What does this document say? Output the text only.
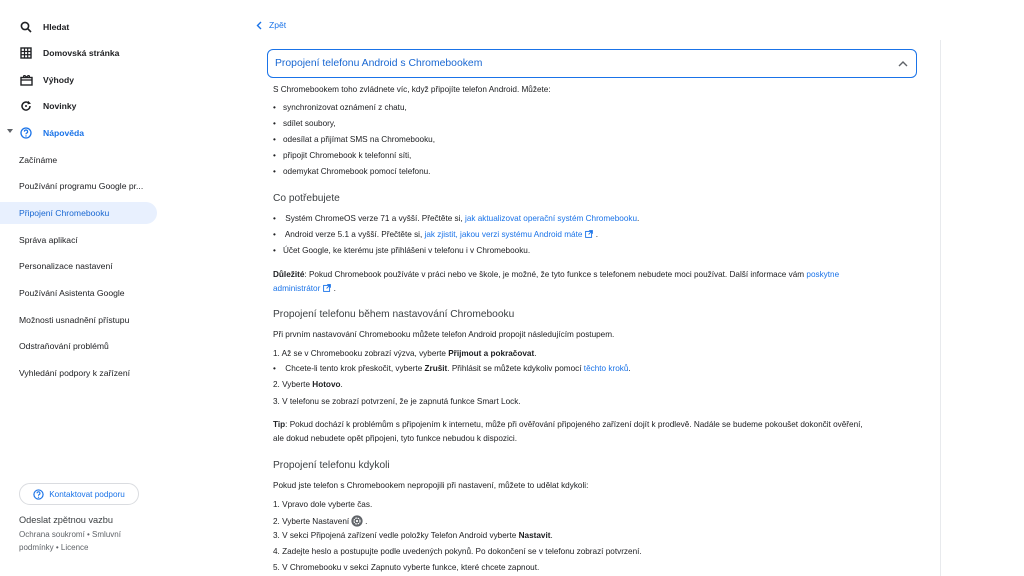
Hledat
Domovská stránka
Výhody
Novinky
Nápověda
Začínáme
Používání programu Google pr...
Připojení Chromebooku
Správa aplikací
Personalizace nastavení
Používání Asistenta Google
Možnosti usnadnění přístupu
Odstraňování problémů
Vyhledání podpory k zařízení
Kontaktovat podporu
Odeslat zpětnou vazbu
Ochrana soukromí • Smluvní
podmínky • Licence
Zpět
Propojení telefonu Android s Chromebookem
S Chromebookem toho zvládnete víc, když připojíte telefon Android. Můžete:
• synchronizovat oznámení z chatu,
• sdílet soubory,
• odesílat a přijímat SMS na Chromebooku,
• připojit Chromebook k telefonní síti,
• odemykat Chromebook pomocí telefonu.
Co potřebujete
• Systém ChromeOS verze 71 a vyšší. Přečtěte si, jak aktualizovat operační systém Chromebooku.
• Android verze 5.1 a vyšší. Přečtěte si, jak zjistit, jakou verzi systému Android máte .
• Účet Google, ke kterému jste přihlášeni v telefonu i v Chromebooku.
Důležité: Pokud Chromebook používáte v práci nebo ve škole, je možné, že tyto funkce s telefonem nebudete moci používat. Další informace vám poskytne
administrátor .
Propojení telefonu během nastavování Chromebooku
Při prvním nastavování Chromebooku můžete telefon Android propojit následujícím postupem.
1. Až se v Chromebooku zobrazí výzva, vyberte Přijmout a pokračovat.
• Chcete-li tento krok přeskočit, vyberte Zrušit. Přihlásit se můžete kdykoliv pomocí těchto kroků.
2. Vyberte Hotovo.
3. V telefonu se zobrazí potvrzení, že je zapnutá funkce Smart Lock.
Tip: Pokud dochází k problémům s připojením k internetu, může při ověřování připojeného zařízení dojít k prodlevě. Nadále se budeme pokoušet dokončit ověření,
ale dokud nebudete opět připojeni, tyto funkce nebudou k dispozici.
Propojení telefonu kdykoli
Pokud jste telefon s Chromebookem nepropojili při nastavení, můžete to udělat kdykoli:
1. Vpravo dole vyberte čas.
2. Vyberte Nastavení .
3. V sekci Připojená zařízení vedle položky Telefon Android vyberte Nastavit.
4. Zadejte heslo a postupujte podle uvedených pokynů. Po dokončení se v telefonu zobrazí potvrzení.
5. V Chromebooku v sekci Zapnuto vyberte funkce, které chcete zapnout.
